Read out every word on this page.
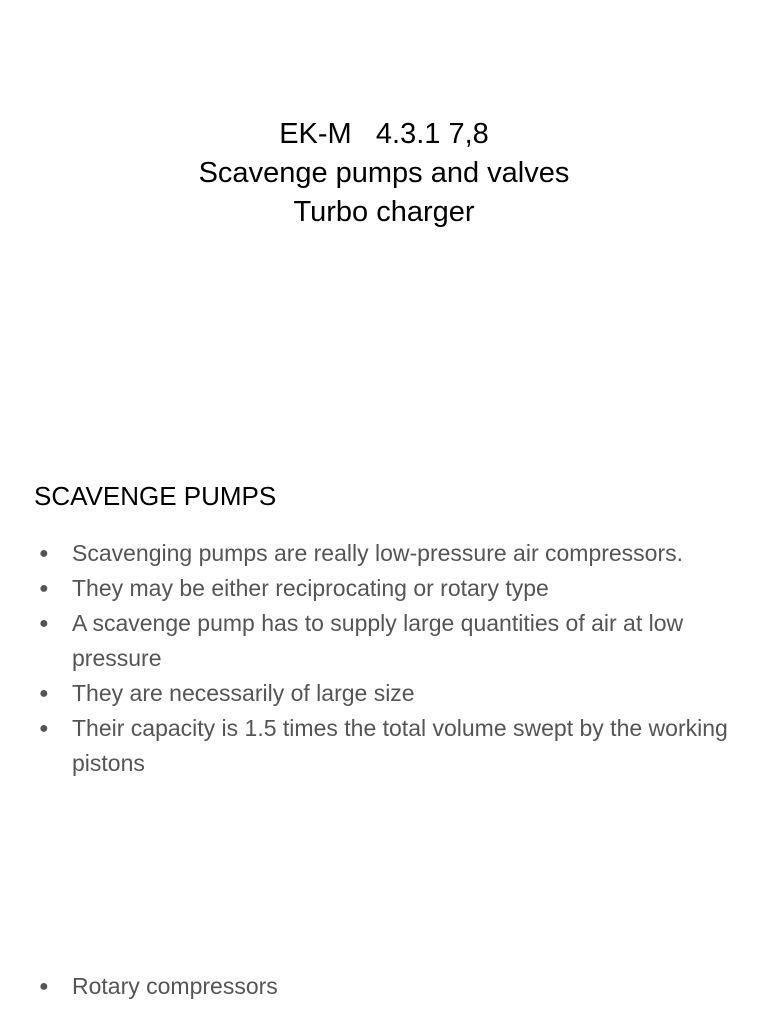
EK-M   4.3.1 7,8
Scavenge pumps and valves
Turbo charger
SCAVENGE PUMPS
● Scavenging pumps are really low-pressure air compressors.
● They may be either reciprocating or rotary type
● A scavenge pump has to supply large quantities of air at low pressure
● They are necessarily of large size
● Their capacity is 1.5 times the total volume swept by the working pistons
● Rotary compressors
